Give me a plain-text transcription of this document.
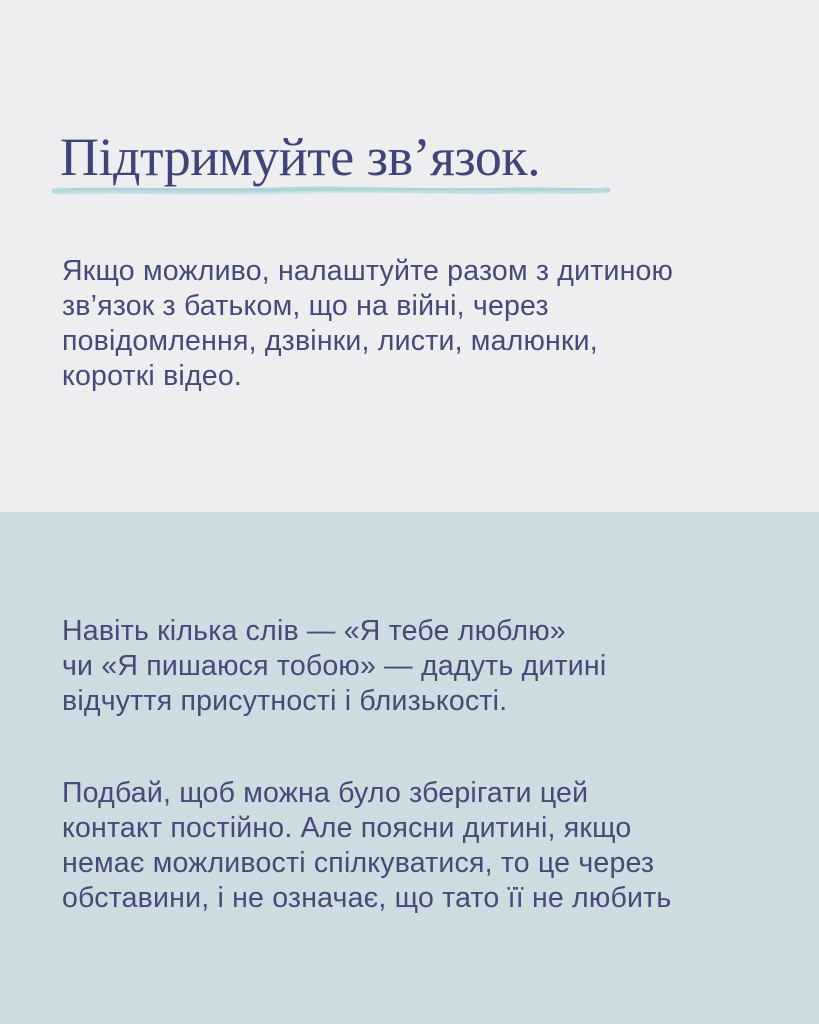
Підтримуйте зв’язок.

Якщо можливо, налаштуйте разом з дитиною
зв’язок з батьком, що на війні, через
повідомлення, дзвінки, листи, малюнки,
короткі відео.

Навіть кілька слів — «Я тебе люблю»
чи «Я пишаюся тобою» — дадуть дитині
відчуття присутності і близькості.

Подбай, щоб можна було зберігати цей
контакт постійно. Але поясни дитині, якщо
немає можливості спілкуватися, то це через
обставини, і не означає, що тато її не любить
